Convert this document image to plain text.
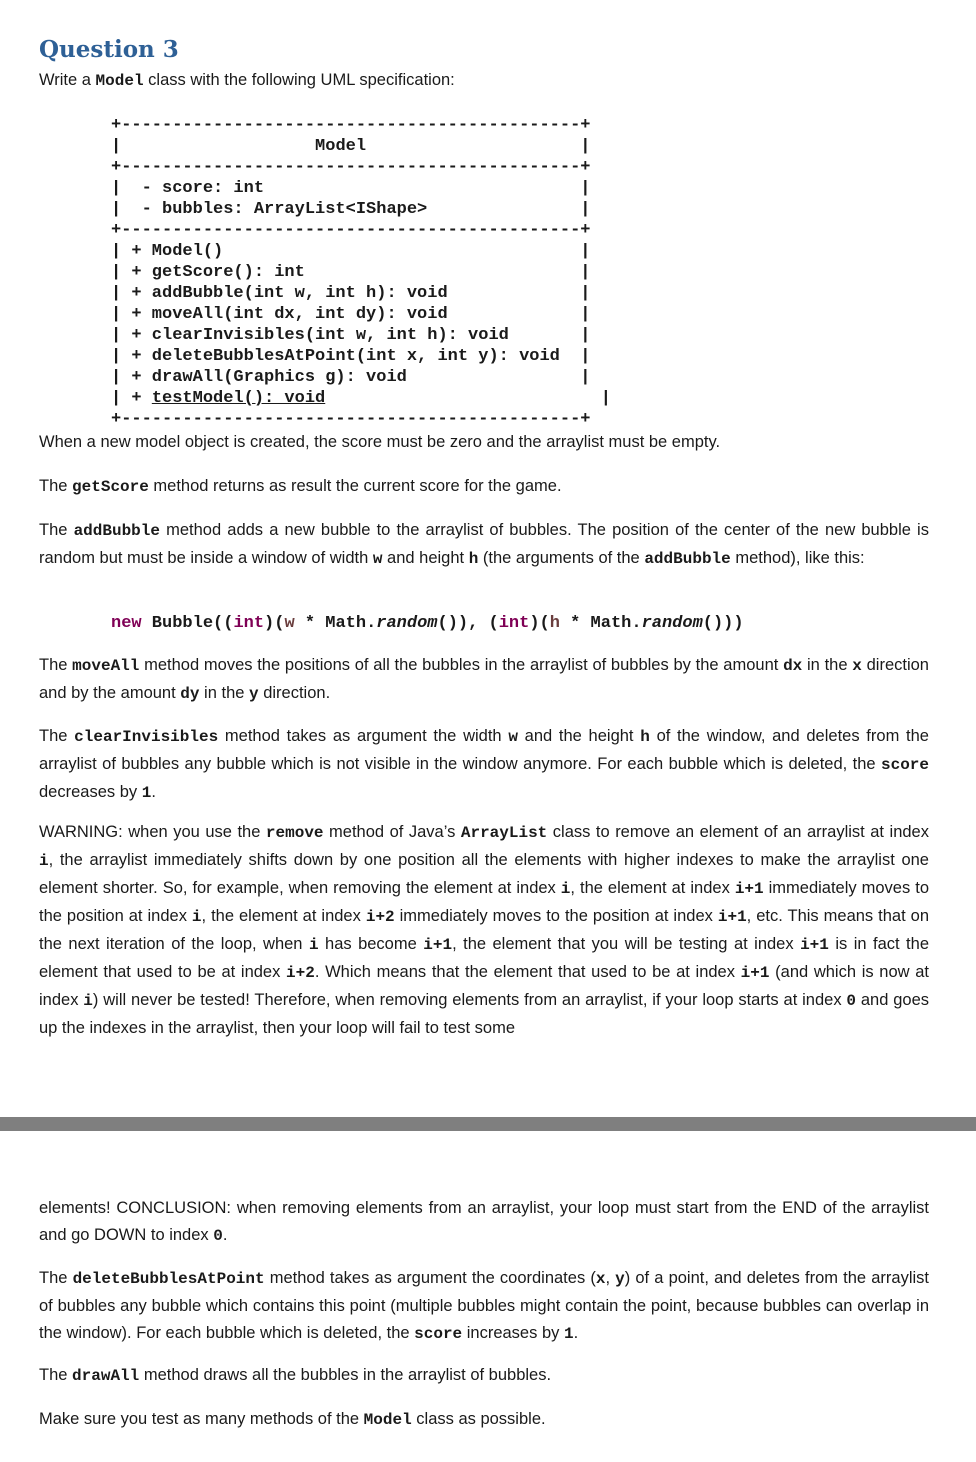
Question 3

Write a Model class with the following UML specification:

+---------------------------------------------+
|                   Model                     |
+---------------------------------------------+
|  - score: int                               |
|  - bubbles: ArrayList<IShape>               |
+---------------------------------------------+
| + Model()                                   |
| + getScore(): int                           |
| + addBubble(int w, int h): void             |
| + moveAll(int dx, int dy): void             |
| + clearInvisibles(int w, int h): void       |
| + deleteBubblesAtPoint(int x, int y): void  |
| + drawAll(Graphics g): void                 |
| + testModel(): void                           |
+---------------------------------------------+

When a new model object is created, the score must be zero and the arraylist must be empty.

The getScore method returns as result the current score for the game.

The addBubble method adds a new bubble to the arraylist of bubbles. The position of the center of the new bubble is random but must be inside a window of width w and height h (the arguments of the addBubble method), like this:

new Bubble((int)(w * Math.random()), (int)(h * Math.random()))

The moveAll method moves the positions of all the bubbles in the arraylist of bubbles by the amount dx in the x direction and by the amount dy in the y direction.

The clearInvisibles method takes as argument the width w and the height h of the window, and deletes from the arraylist of bubbles any bubble which is not visible in the window anymore. For each bubble which is deleted, the score decreases by 1.

WARNING: when you use the remove method of Java’s ArrayList class to remove an element of an arraylist at index i, the arraylist immediately shifts down by one position all the elements with higher indexes to make the arraylist one element shorter. So, for example, when removing the element at index i, the element at index i+1 immediately moves to the position at index i, the element at index i+2 immediately moves to the position at index i+1, etc. This means that on the next iteration of the loop, when i has become i+1, the element that you will be testing at index i+1 is in fact the element that used to be at index i+2. Which means that the element that used to be at index i+1 (and which is now at index i) will never be tested! Therefore, when removing elements from an arraylist, if your loop starts at index 0 and goes up the indexes in the arraylist, then your loop will fail to test some

elements! CONCLUSION: when removing elements from an arraylist, your loop must start from the END of the arraylist and go DOWN to index 0.

The deleteBubblesAtPoint method takes as argument the coordinates (x, y) of a point, and deletes from the arraylist of bubbles any bubble which contains this point (multiple bubbles might contain the point, because bubbles can overlap in the window). For each bubble which is deleted, the score increases by 1.

The drawAll method draws all the bubbles in the arraylist of bubbles.

Make sure you test as many methods of the Model class as possible.
